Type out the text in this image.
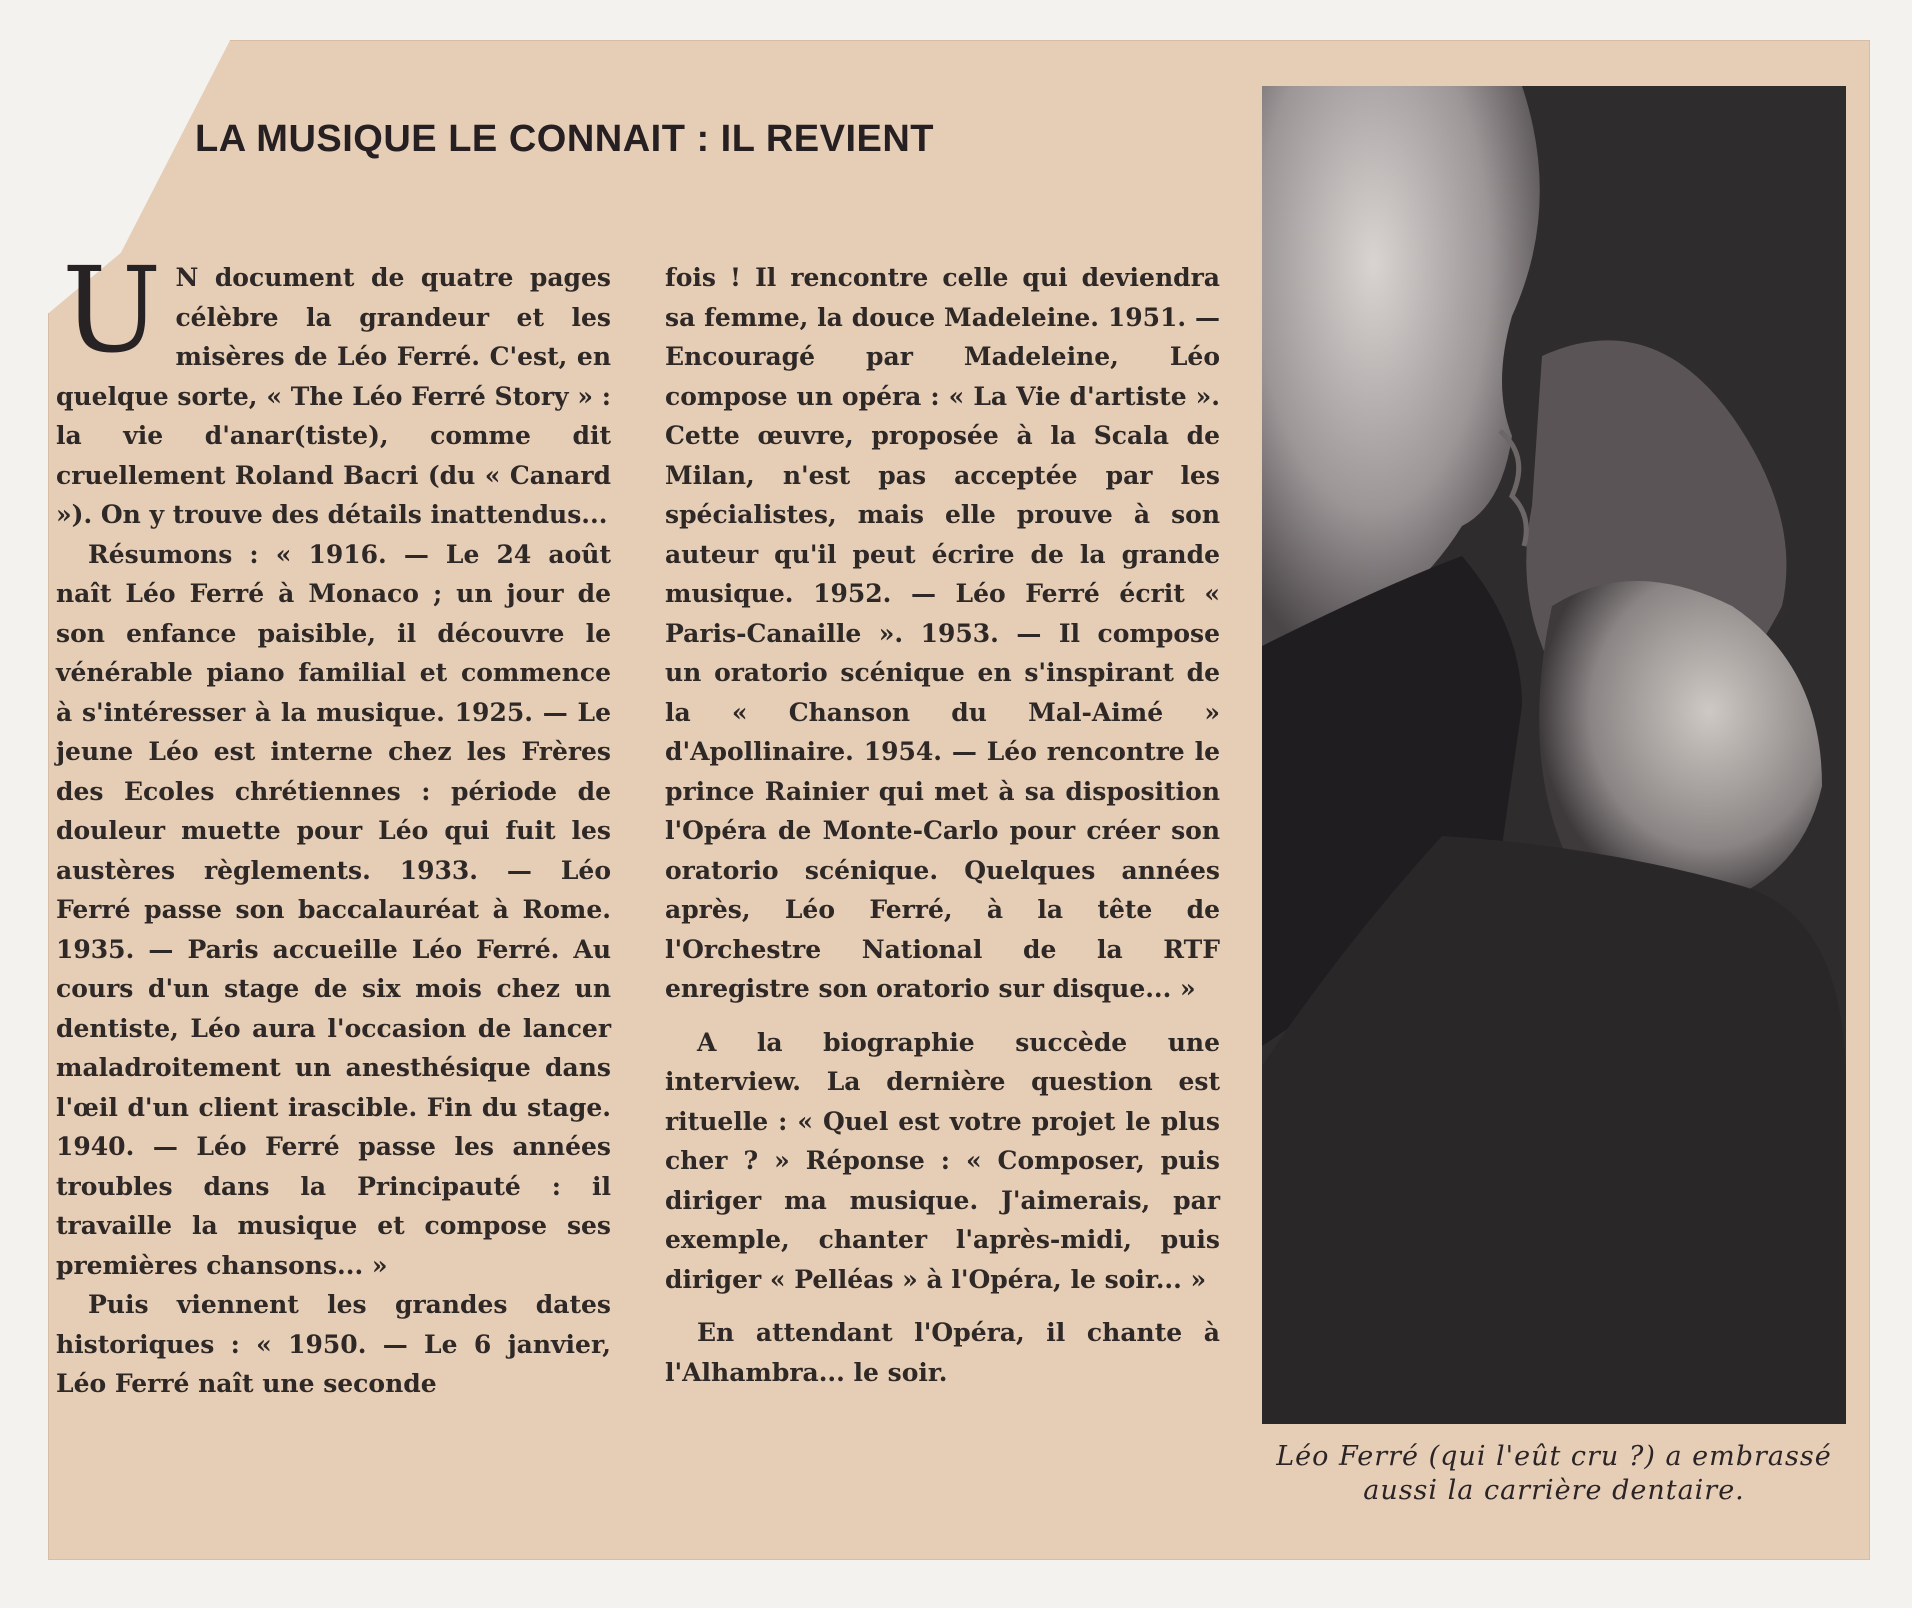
LA MUSIQUE LE CONNAIT : IL REVIENT

U N document de quatre pages célèbre la grandeur et les misères de Léo Ferré. C'est, en quelque sorte, « The Léo Ferré Story » : la vie d'anar(tiste), comme dit cruellement Roland Bacri (du « Canard »). On y trouve des détails inattendus...

Résumons : « 1916. — Le 24 août naît Léo Ferré à Monaco ; un jour de son enfance paisible, il découvre le vénérable piano familial et commence à s'intéresser à la musique. 1925. — Le jeune Léo est interne chez les Frères des Ecoles chrétiennes : période de douleur muette pour Léo qui fuit les austères règlements. 1933. — Léo Ferré passe son baccalauréat à Rome. 1935. — Paris accueille Léo Ferré. Au cours d'un stage de six mois chez un dentiste, Léo aura l'occasion de lancer maladroitement un anesthésique dans l'œil d'un client irascible. Fin du stage. 1940. — Léo Ferré passe les années troubles dans la Principauté : il travaille la musique et compose ses premières chansons... »

Puis viennent les grandes dates historiques : « 1950. — Le 6 janvier, Léo Ferré naît une seconde

fois ! Il rencontre celle qui deviendra sa femme, la douce Madeleine. 1951. — Encouragé par Madeleine, Léo compose un opéra : « La Vie d'artiste ». Cette œuvre, proposée à la Scala de Milan, n'est pas acceptée par les spécialistes, mais elle prouve à son auteur qu'il peut écrire de la grande musique. 1952. — Léo Ferré écrit « Paris-Canaille ». 1953. — Il compose un oratorio scénique en s'inspirant de la « Chanson du Mal-Aimé » d'Apollinaire. 1954. — Léo rencontre le prince Rainier qui met à sa disposition l'Opéra de Monte-Carlo pour créer son oratorio scénique. Quelques années après, Léo Ferré, à la tête de l'Orchestre National de la RTF enregistre son oratorio sur disque... »

A la biographie succède une interview. La dernière question est rituelle : « Quel est votre projet le plus cher ? » Réponse : « Composer, puis diriger ma musique. J'aimerais, par exemple, chanter l'après-midi, puis diriger « Pelléas » à l'Opéra, le soir... »

En attendant l'Opéra, il chante à l'Alhambra... le soir.

Léo Ferré (qui l'eût cru ?) a embrassé aussi la carrière dentaire.
